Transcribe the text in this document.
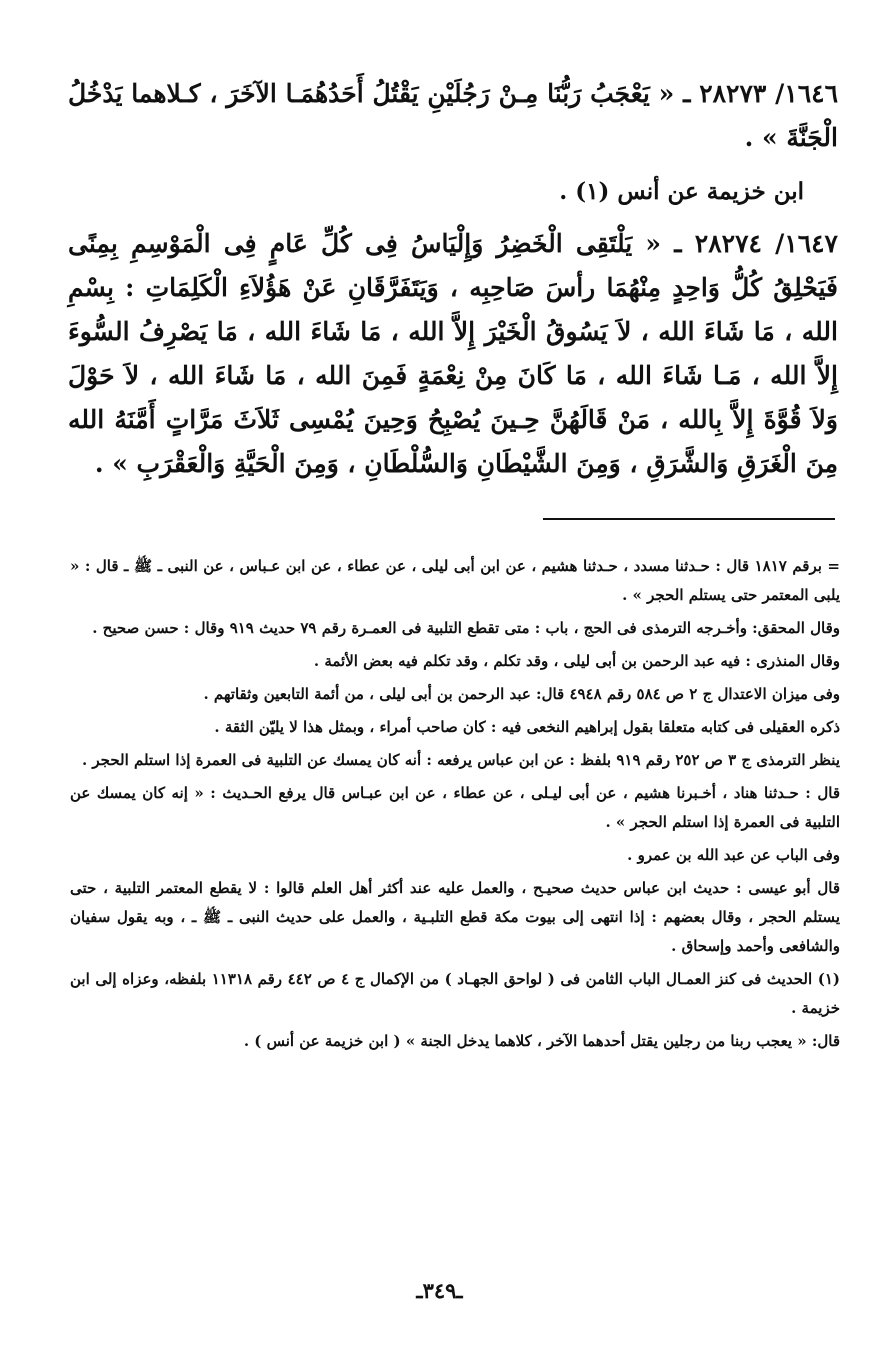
١٦٤٦/ ٢٨٢٧٣ ـ « يَعْجَبُ رَبُّنَا مِـنْ رَجُلَيْنِ يَقْتُلُ أَحَدُهُمَـا الآخَرَ ، كـلاهما يَدْخُلُ الْجَنَّةَ » .

ابن خزيمة عن أنس (١) .

١٦٤٧/ ٢٨٢٧٤ ـ « يَلْتَقِى الْخَضِرُ وَإِلْيَاسُ فِى كُلِّ عَامٍ فِى الْمَوْسِمِ بِمِنًى فَيَحْلِقُ كُلُّ وَاحِدٍ مِنْهُمَا رأسَ صَاحِبِه ، وَيَتَفَرَّقَانِ عَنْ هَؤُلاَءِ الْكَلِمَاتِ : بِسْمِ الله ، مَا شَاءَ الله ، لاَ يَسُوقُ الْخَيْرَ إِلاَّ الله ، مَا شَاءَ الله ، مَا يَصْرِفُ السُّوءَ إِلاَّ الله ، مَـا شَاءَ الله ، مَا كَانَ مِنْ نِعْمَةٍ فَمِنَ الله ، مَا شَاءَ الله ، لاَ حَوْلَ وَلاَ قُوَّةَ إِلاَّ بِالله ، مَنْ قَالَهُنَّ حِـينَ يُصْبِحُ وَحِينَ يُمْسِى ثَلاَثَ مَرَّاتٍ أَمَّنَهُ الله مِنَ الْغَرَقِ وَالشَّرَقِ ، وَمِنَ الشَّيْطَانِ وَالسُّلْطَانِ ، وَمِنَ الْحَيَّةِ وَالْعَقْرَبِ » .

= برقم ١٨١٧ قال : حـدثنا مسدد ، حـدثنا هشيم ، عن ابن أبى ليلى ، عن عطاء ، عن ابن عـباس ، عن النبى ـ ﷺ ـ قال : « يلبى المعتمر حتى يستلم الحجر » .

وقال المحقق: وأخـرجه الترمذى فى الحج ، باب : متى تقطع التلبية فى العمـرة رقم ٧٩ حديث ٩١٩ وقال : حسن صحيح .

وقال المنذرى : فيه عبد الرحمن بن أبى ليلى ، وقد تكلم ، وقد تكلم فيه بعض الأئمة .

وفى ميزان الاعتدال ج ٢ ص ٥٨٤ رقم ٤٩٤٨ قال: عبد الرحمن بن أبى ليلى ، من أئمة التابعين وثقاتهم .

ذكره العقيلى فى كتابه متعلقا بقول إبراهيم النخعى فيه : كان صاحب أمراء ، وبمثل هذا لا يليّن الثقة .

ينظر الترمذى ج ٣ ص ٢٥٢ رقم ٩١٩ بلفظ : عن ابن عباس يرفعه : أنه كان يمسك عن التلبية فى العمرة إذا استلم الحجر .

قال : حـدثنا هناد ، أخـبرنا هشيم ، عن أبى ليـلى ، عن عطاء ، عن ابن عبـاس قال يرفع الحـديث : « إنه كان يمسك عن التلبية فى العمرة إذا استلم الحجر » .

وفى الباب عن عبد الله بن عمرو .

قال أبو عيسى : حديث ابن عباس حديث صحيـح ، والعمل عليه عند أكثر أهل العلم قالوا : لا يقطع المعتمر التلبية ، حتى يستلم الحجر ، وقال بعضهم : إذا انتهى إلى بيوت مكة قطع التلبـية ، والعمل على حديث النبى ـ ﷺ ـ ، وبه يقول سفيان والشافعى وأحمد وإسحاق .

(١) الحديث فى كنز العمـال الباب الثامن فى ( لواحق الجهـاد ) من الإكمال ج ٤ ص ٤٤٢ رقم ١١٣١٨ بلفظه، وعزاه إلى ابن خزيمة .

قال: « يعجب ربنا من رجلين يقتل أحدهما الآخر ، كلاهما يدخل الجنة » ( ابن خزيمة عن أنس ) .

ـ٣٤٩ـ
